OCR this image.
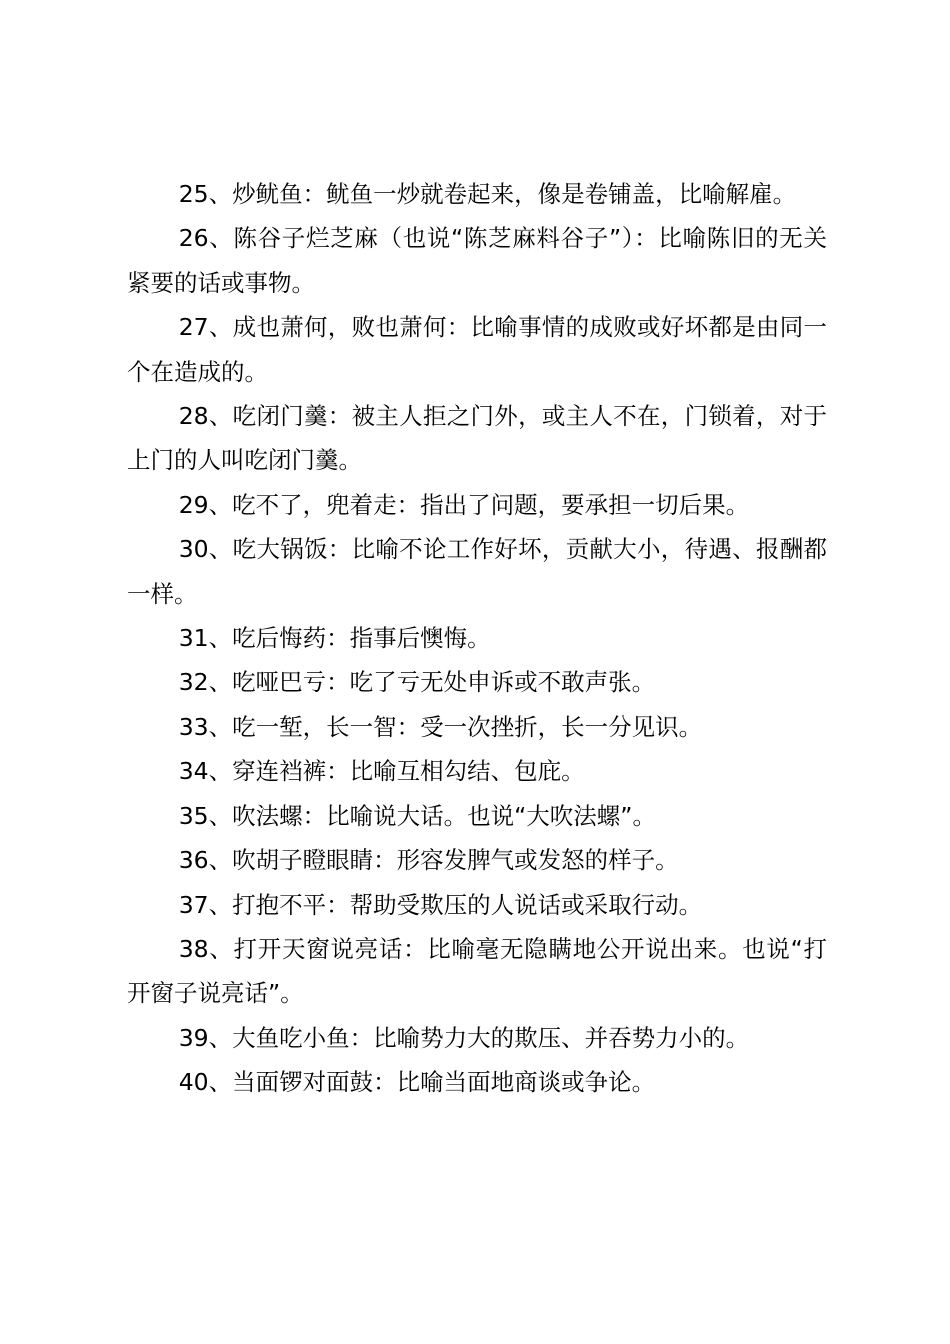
25、炒鱿鱼：鱿鱼一炒就卷起来，像是卷铺盖，比喻解雇。

26、陈谷子烂芝麻（也说“陈芝麻料谷子”）：比喻陈旧的无关紧要的话或事物。

27、成也萧何，败也萧何：比喻事情的成败或好坏都是由同一个在造成的。

28、吃闭门羹：被主人拒之门外，或主人不在，门锁着，对于上门的人叫吃闭门羹。

29、吃不了，兜着走：指出了问题，要承担一切后果。

30、吃大锅饭：比喻不论工作好坏，贡献大小，待遇、报酬都一样。

31、吃后悔药：指事后懊悔。

32、吃哑巴亏：吃了亏无处申诉或不敢声张。

33、吃一堑，长一智：受一次挫折，长一分见识。

34、穿连裆裤：比喻互相勾结、包庇。

35、吹法螺：比喻说大话。也说“大吹法螺”。

36、吹胡子瞪眼睛：形容发脾气或发怒的样子。

37、打抱不平：帮助受欺压的人说话或采取行动。

38、打开天窗说亮话：比喻毫无隐瞒地公开说出来。也说“打开窗子说亮话”。

39、大鱼吃小鱼：比喻势力大的欺压、并吞势力小的。

40、当面锣对面鼓：比喻当面地商谈或争论。
